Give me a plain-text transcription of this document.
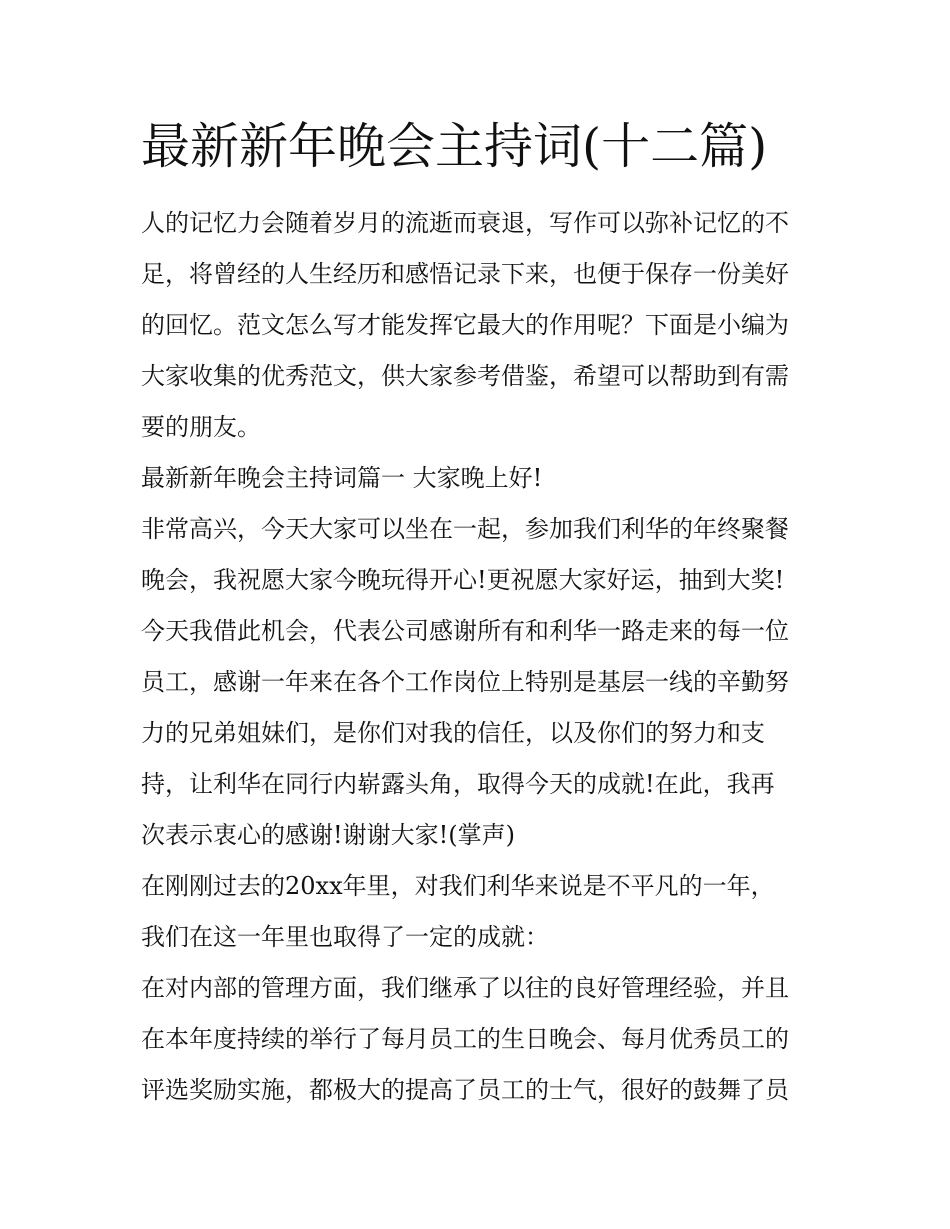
最新新年晚会主持词(十二篇)
人的记忆力会随着岁月的流逝而衰退，写作可以弥补记忆的不
足，将曾经的人生经历和感悟记录下来，也便于保存一份美好
的回忆。范文怎么写才能发挥它最大的作用呢？下面是小编为
大家收集的优秀范文，供大家参考借鉴，希望可以帮助到有需
要的朋友。
最新新年晚会主持词篇一 大家晚上好!
非常高兴，今天大家可以坐在一起，参加我们利华的年终聚餐
晚会，我祝愿大家今晚玩得开心!更祝愿大家好运，抽到大奖!
今天我借此机会，代表公司感谢所有和利华一路走来的每一位
员工，感谢一年来在各个工作岗位上特别是基层一线的辛勤努
力的兄弟姐妹们，是你们对我的信任，以及你们的努力和支
持，让利华在同行内崭露头角，取得今天的成就!在此，我再
次表示衷心的感谢!谢谢大家!(掌声)
在刚刚过去的20xx年里，对我们利华来说是不平凡的一年，
我们在这一年里也取得了一定的成就：
在对内部的管理方面，我们继承了以往的良好管理经验，并且
在本年度持续的举行了每月员工的生日晚会、每月优秀员工的
评选奖励实施，都极大的提高了员工的士气，很好的鼓舞了员
